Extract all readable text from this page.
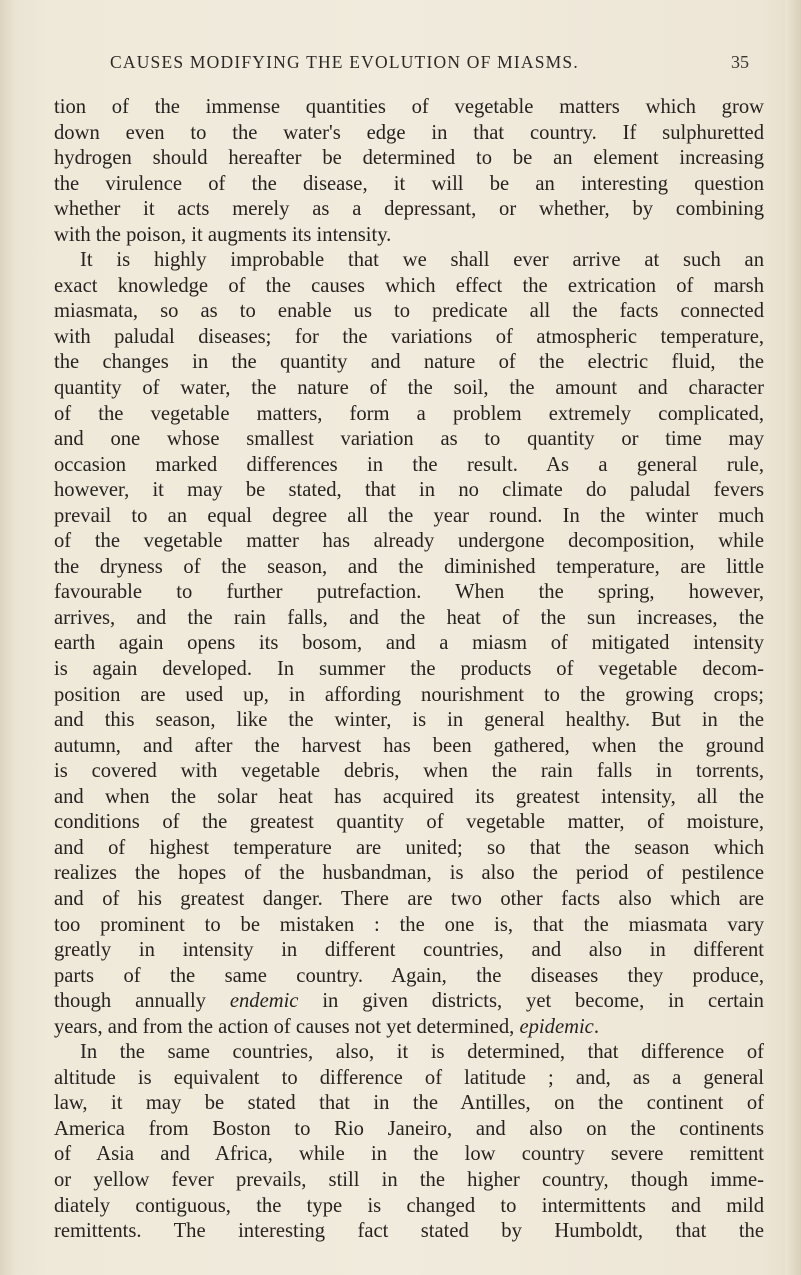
CAUSES MODIFYING THE EVOLUTION OF MIASMS.	35
tion of the immense quantities of vegetable matters which grow
down even to the water's edge in that country. If sulphuretted
hydrogen should hereafter be determined to be an element increasing
the virulence of the disease, it will be an interesting question
whether it acts merely as a depressant, or whether, by combining
with the poison, it augments its intensity.
It is highly improbable that we shall ever arrive at such an
exact knowledge of the causes which effect the extrication of marsh
miasmata, so as to enable us to predicate all the facts connected
with paludal diseases; for the variations of atmospheric temperature,
the changes in the quantity and nature of the electric fluid, the
quantity of water, the nature of the soil, the amount and character
of the vegetable matters, form a problem extremely complicated,
and one whose smallest variation as to quantity or time may
occasion marked differences in the result. As a general rule,
however, it may be stated, that in no climate do paludal fevers
prevail to an equal degree all the year round. In the winter much
of the vegetable matter has already undergone decomposition, while
the dryness of the season, and the diminished temperature, are little
favourable to further putrefaction. When the spring, however,
arrives, and the rain falls, and the heat of the sun increases, the
earth again opens its bosom, and a miasm of mitigated intensity
is again developed. In summer the products of vegetable decom-
position are used up, in affording nourishment to the growing crops;
and this season, like the winter, is in general healthy. But in the
autumn, and after the harvest has been gathered, when the ground
is covered with vegetable debris, when the rain falls in torrents,
and when the solar heat has acquired its greatest intensity, all the
conditions of the greatest quantity of vegetable matter, of moisture,
and of highest temperature are united; so that the season which
realizes the hopes of the husbandman, is also the period of pestilence
and of his greatest danger. There are two other facts also which are
too prominent to be mistaken : the one is, that the miasmata vary
greatly in intensity in different countries, and also in different
parts of the same country. Again, the diseases they produce,
though annually endemic in given districts, yet become, in certain
years, and from the action of causes not yet determined, epidemic.
In the same countries, also, it is determined, that difference of
altitude is equivalent to difference of latitude ; and, as a general
law, it may be stated that in the Antilles, on the continent of
America from Boston to Rio Janeiro, and also on the continents
of Asia and Africa, while in the low country severe remittent
or yellow fever prevails, still in the higher country, though imme-
diately contiguous, the type is changed to intermittents and mild
remittents. The interesting fact stated by Humboldt, that the
